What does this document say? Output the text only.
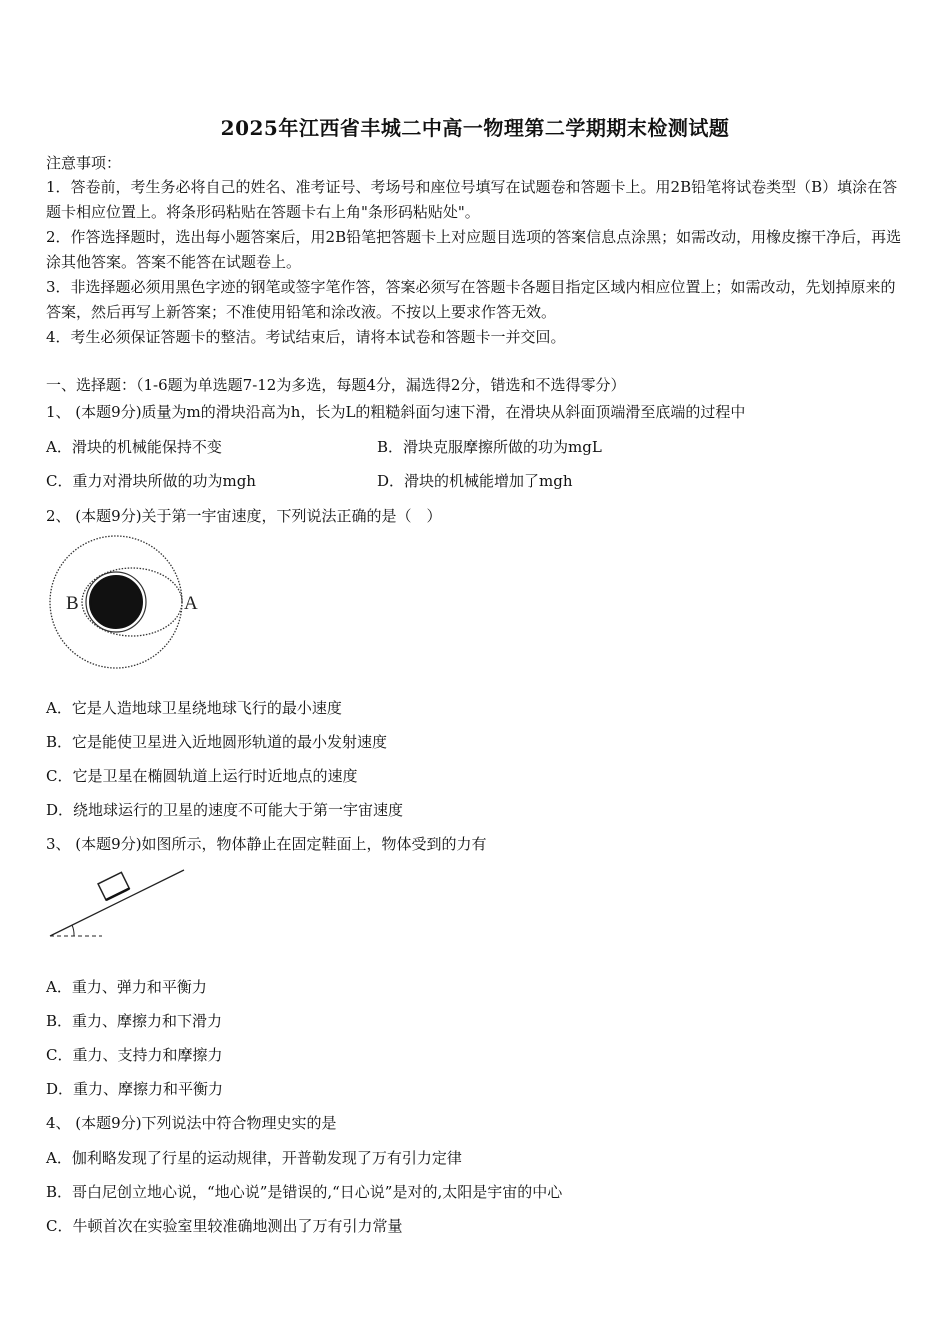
2025年江西省丰城二中高一物理第二学期期末检测试题
注意事项：
1．答卷前，考生务必将自己的姓名、准考证号、考场号和座位号填写在试题卷和答题卡上。用2B铅笔将试卷类型（B）填涂在答题卡相应位置上。将条形码粘贴在答题卡右上角"条形码粘贴处"。
2．作答选择题时，选出每小题答案后，用2B铅笔把答题卡上对应题目选项的答案信息点涂黑；如需改动，用橡皮擦干净后，再选涂其他答案。答案不能答在试题卷上。
3．非选择题必须用黑色字迹的钢笔或签字笔作答，答案必须写在答题卡各题目指定区域内相应位置上；如需改动，先划掉原来的答案，然后再写上新答案；不准使用铅笔和涂改液。不按以上要求作答无效。
4．考生必须保证答题卡的整洁。考试结束后，请将本试卷和答题卡一并交回。
一、选择题：（1-6题为单选题7-12为多选，每题4分，漏选得2分，错选和不选得零分）
1、 (本题9分)质量为m的滑块沿高为h，长为L的粗糙斜面匀速下滑，在滑块从斜面顶端滑至底端的过程中
A．滑块的机械能保持不变	B．滑块克服摩擦所做的功为mgL
C．重力对滑块所做的功为mgh	D．滑块的机械能增加了mgh
2、 (本题9分)关于第一宇宙速度，下列说法正确的是（　）
B	A
A．它是人造地球卫星绕地球飞行的最小速度
B．它是能使卫星进入近地圆形轨道的最小发射速度
C．它是卫星在椭圆轨道上运行时近地点的速度
D．绕地球运行的卫星的速度不可能大于第一宇宙速度
3、 (本题9分)如图所示，物体静止在固定鞋面上，物体受到的力有
A．重力、弹力和平衡力
B．重力、摩擦力和下滑力
C．重力、支持力和摩擦力
D．重力、摩擦力和平衡力
4、 (本题9分)下列说法中符合物理史实的是
A．伽利略发现了行星的运动规律，开普勒发现了万有引力定律
B．哥白尼创立地心说，“地心说”是错误的,“日心说”是对的,太阳是宇宙的中心
C．牛顿首次在实验室里较准确地测出了万有引力常量
